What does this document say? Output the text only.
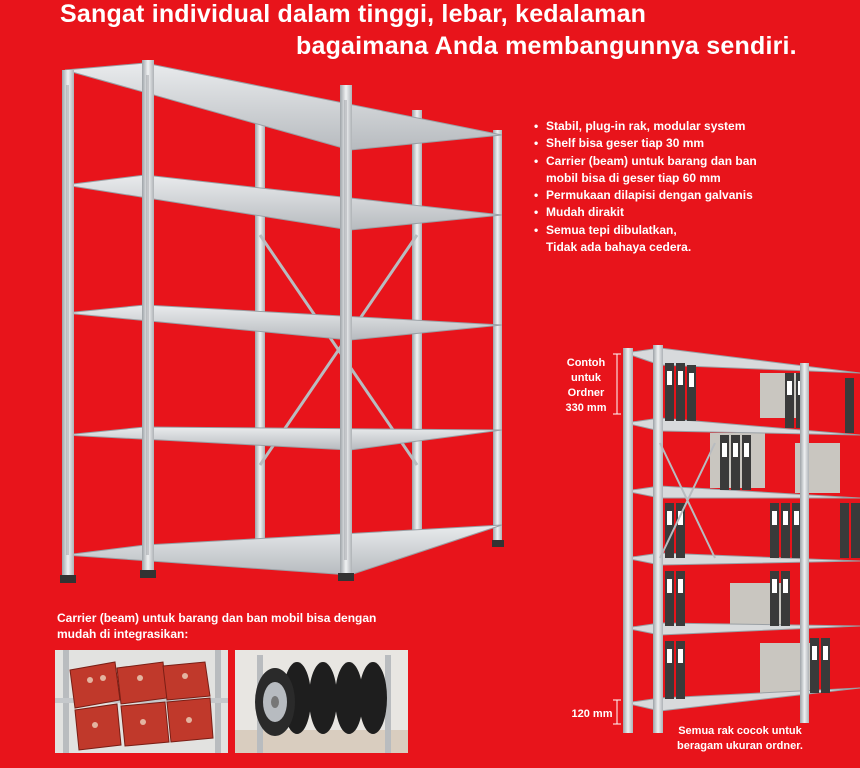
Sangat individual dalam tinggi, lebar, kedalaman
bagaimana Anda membangunnya sendiri.
• Stabil, plug-in rak, modular system
• Shelf bisa geser tiap 30 mm
• Carrier (beam) untuk barang dan ban
mobil bisa di geser tiap 60 mm
• Permukaan dilapisi dengan galvanis
• Mudah dirakit
• Semua tepi dibulatkan,
Tidak ada bahaya cedera.
Carrier (beam) untuk barang dan ban mobil bisa dengan
mudah di integrasikan:
Contoh
untuk
Ordner
330 mm
120 mm
Semua rak cocok untuk
beragam ukuran ordner.
